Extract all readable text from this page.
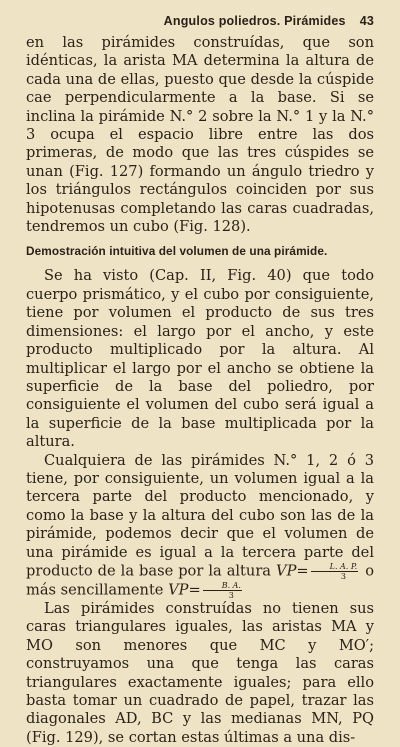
Angulos poliedros. Pirámides 43

en las pirámides construídas, que son idénticas, la arista MA determina la altura de cada una de ellas, puesto que desde la cúspide cae perpendicularmente a la base. Si se inclina la pirámide N.° 2 sobre la N.° 1 y la N.° 3 ocupa el espacio libre entre las dos primeras, de modo que las tres cúspides se unan (Fig. 127) formando un ángulo triedro y los triángulos rectángulos coinciden por sus hipotenusas completando las caras cuadradas, tendremos un cubo (Fig. 128).

Demostración intuitiva del volumen de una pirámide.

Se ha visto (Cap. II, Fig. 40) que todo cuerpo prismático, y el cubo por consiguiente, tiene por volumen el producto de sus tres dimensiones: el largo por el ancho, y este producto multiplicado por la altura. Al multiplicar el largo por el ancho se obtiene la superficie de la base del poliedro, por consiguiente el volumen del cubo será igual a la superficie de la base multiplicada por la altura.

Cualquiera de las pirámides N.° 1, 2 ó 3 tiene, por consiguiente, un volumen igual a la tercera parte del producto mencionado, y como la base y la altura del cubo son las de la pirámide, podemos decir que el volumen de una pirámide es igual a la tercera parte del producto de la base por la altura $VP= \frac{L. A. P.}{3}$ o más sencillamente $VP= \frac{B. A.}{3}$

Las pirámides construídas no tienen sus caras triangulares iguales, las aristas MA y MO son menores que MC y MO′; construyamos una que tenga las caras triangulares exactamente iguales; para ello basta tomar un cuadrado de papel, trazar las diagonales AD, BC y las medianas MN, PQ (Fig. 129), se cortan estas últimas a una dis-
